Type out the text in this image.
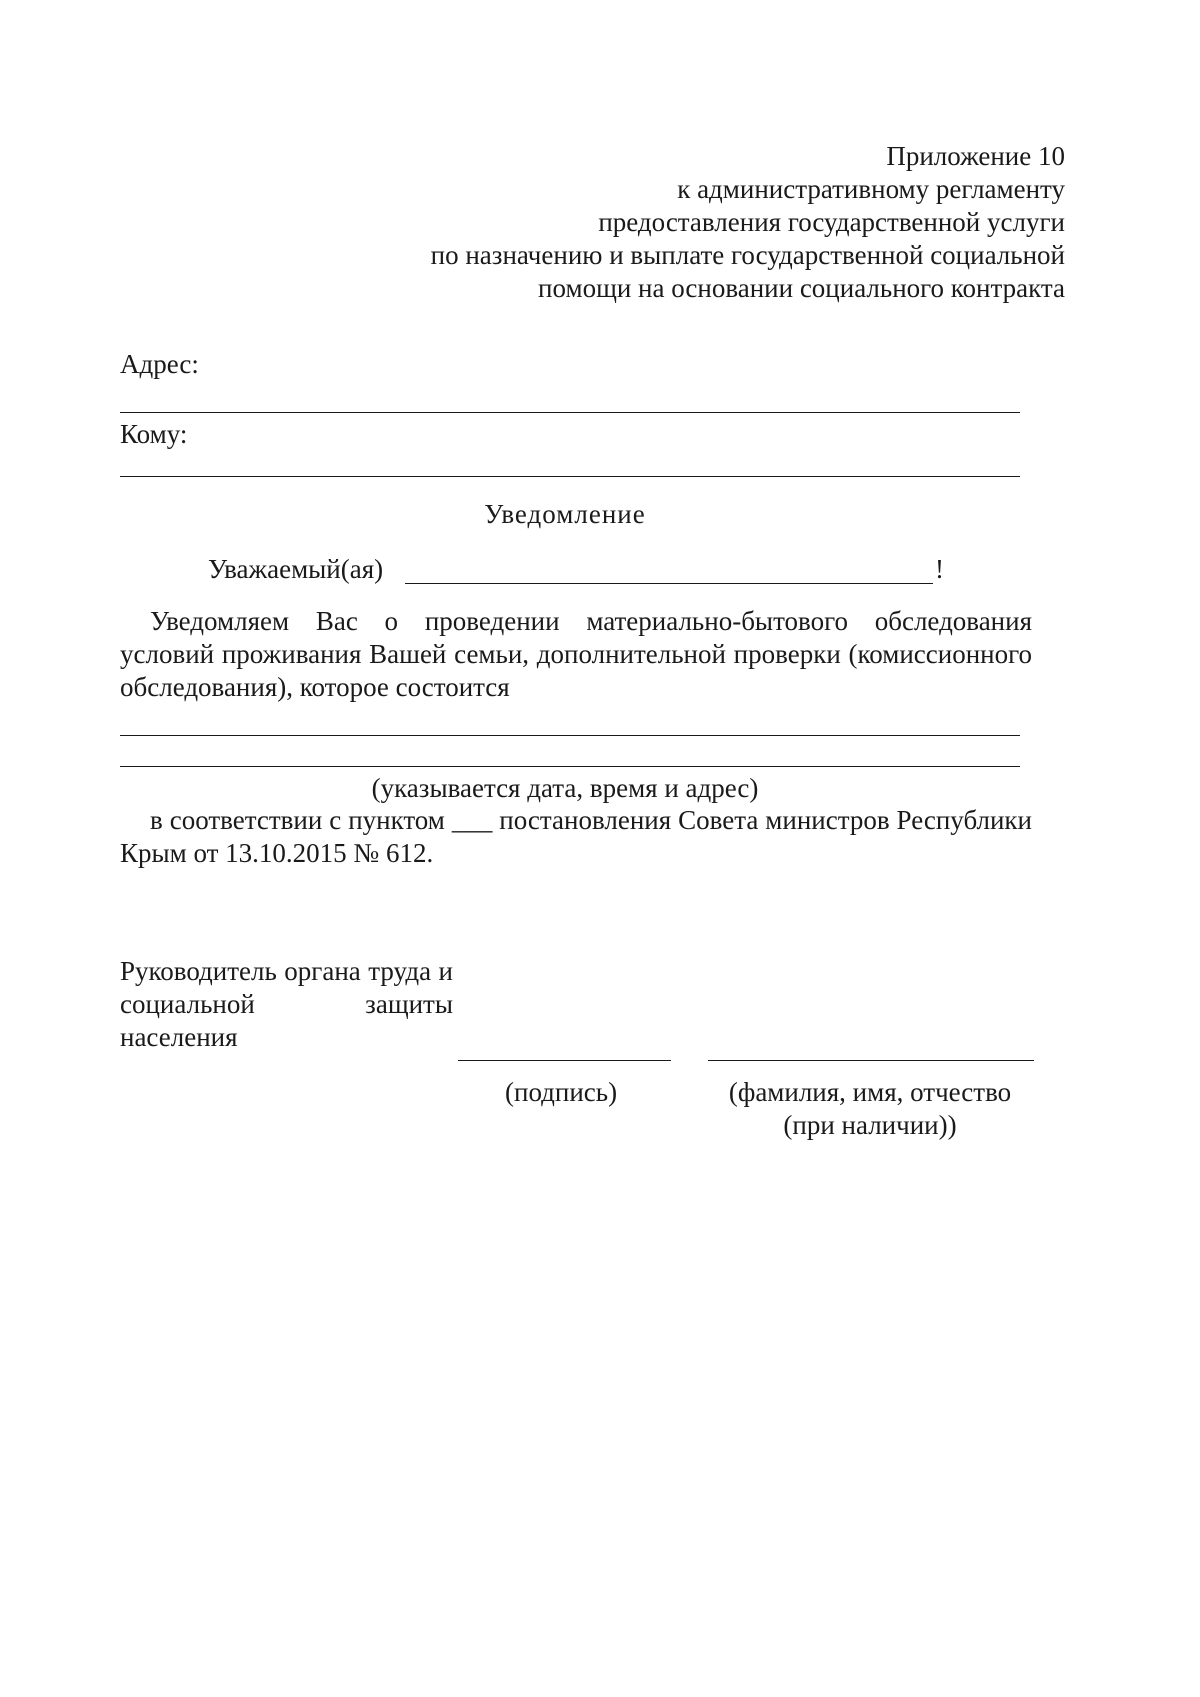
Приложение 10
к административному регламенту
предоставления государственной услуги
по назначению и выплате государственной социальной
помощи на основании социального контракта
Адрес:
Кому:
Уведомление
Уважаемый(ая)	!
Уведомляем Вас о проведении материально-бытового обследования условий проживания Вашей семьи, дополнительной проверки (комиссионного обследования), которое состоится
(указывается дата, время и адрес)
в соответствии с пунктом ___ постановления Совета министров Республики Крым от 13.10.2015 № 612.
Руководитель органа труда и социальной защиты населения
(подпись)	(фамилия, имя, отчество
(при наличии))
